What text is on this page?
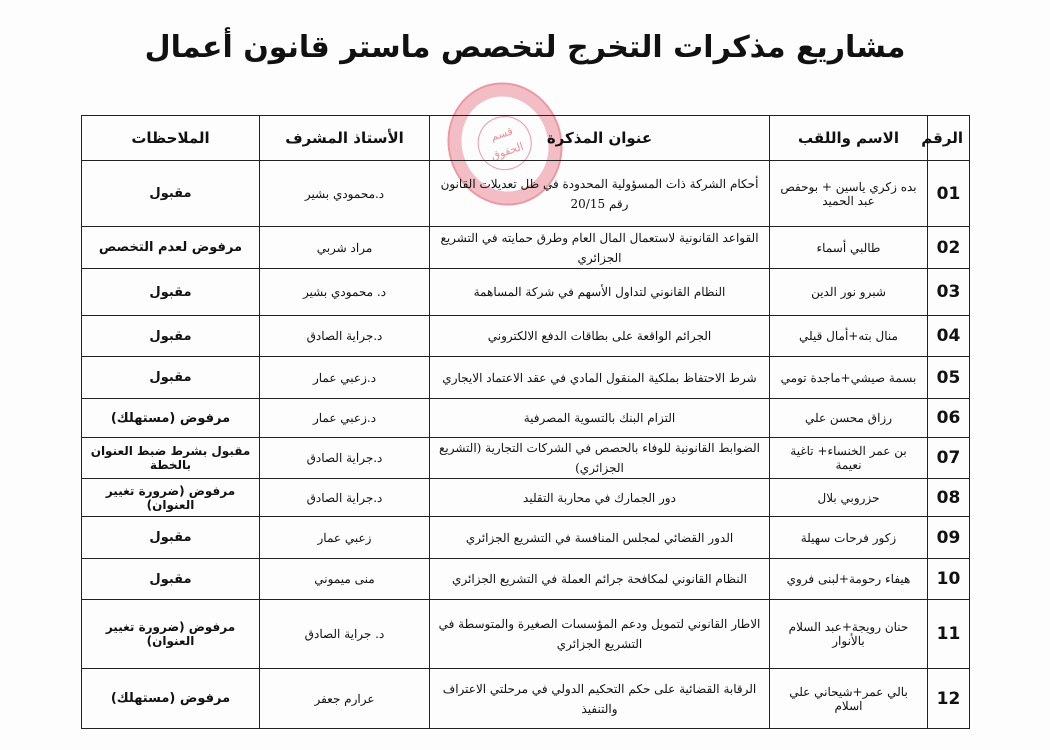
مشاريع مذكرات التخرج لتخصص ماستر قانون أعمال
قسم الحقوق
الرقم	الاسم واللقب	عنوان المذكرة	الأستاذ المشرف	الملاحظات
01	بده زكري ياسين + بوحفص عبد الحميد	أحكام الشركة ذات المسؤولية المحدودة في ظل تعديلات القانون رقم 20/15	د.محمودي بشير	مقبول
02	طالبي أسماء	القواعد القانونية لاستعمال المال العام وطرق حمايته في التشريع الجزائري	مراد شربي	مرفوض لعدم التخصص
03	شبرو نور الدين	النظام القانوني لتداول الأسهم في شركة المساهمة	د. محمودي بشير	مقبول
04	منال بته+أمال قيلي	الجرائم الواقعة على بطاقات الدفع الالكتروني	د.جراية الصادق	مقبول
05	بسمة صيشي+ماجدة تومي	شرط الاحتفاظ بملكية المنقول المادي في عقد الاعتماد الايجاري	د.زعبي عمار	مقبول
06	رزاق محسن علي	التزام البنك بالتسوية المصرفية	د.زعبي عمار	مرفوض (مستهلك)
07	بن عمر الخنساء+ تاغية نعيمة	الضوابط القانونية للوفاء بالحصص في الشركات التجارية (التشريع الجزائري)	د.جراية الصادق	مقبول بشرط ضبط العنوان بالخطة
08	حزروبي بلال	دور الجمارك في محاربة التقليد	د.جراية الصادق	مرفوض (ضرورة تغيير العنوان)
09	زكور فرحات سهيلة	الدور القضائي لمجلس المنافسة في التشريع الجزائري	زعبي عمار	مقبول
10	هيفاء رحومة+لبنى فروي	النظام القانوني لمكافحة جرائم العملة في التشريع الجزائري	منى ميموني	مقبول
11	حنان رويجة+عبد السلام بالأنوار	الاطار القانوني لتمويل ودعم المؤسسات الصغيرة والمتوسطة في التشريع الجزائري	د. جراية الصادق	مرفوض (ضرورة تغيير العنوان)
12	بالي عمر+شيحاني علي اسلام	الرقابة القضائية على حكم التحكيم الدولي في مرحلتي الاعتراف والتنفيذ	عرارم جعفر	مرفوض (مستهلك)
